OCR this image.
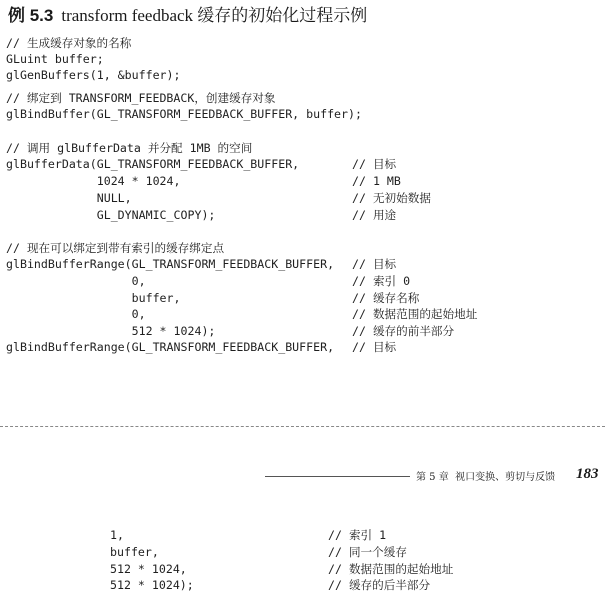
例 5.3 transform feedback 缓存的初始化过程示例
// 生成缓存对象的名称
GLuint buffer;
glGenBuffers(1, &buffer);
// 绑定到 TRANSFORM_FEEDBACK，创建缓存对象
glBindBuffer(GL_TRANSFORM_FEEDBACK_BUFFER, buffer);
// 调用 glBufferData 并分配 1MB 的空间
glBufferData(GL_TRANSFORM_FEEDBACK_BUFFER,
1024 * 1024,
NULL,
GL_DYNAMIC_COPY);
// 现在可以绑定到带有索引的缓存绑定点
glBindBufferRange(GL_TRANSFORM_FEEDBACK_BUFFER,
0,
buffer,
0,
512 * 1024);
glBindBufferRange(GL_TRANSFORM_FEEDBACK_BUFFER,
// 目标
// 1 MB
// 无初始数据
// 用途
// 目标
// 索引 0
// 缓存名称
// 数据范围的起始地址
// 缓存的前半部分
// 目标
第 5 章 视口变换、剪切与反馈 183
1,
buffer,
512 * 1024,
512 * 1024);
// 索引 1
// 同一个缓存
// 数据范围的起始地址
// 缓存的后半部分
